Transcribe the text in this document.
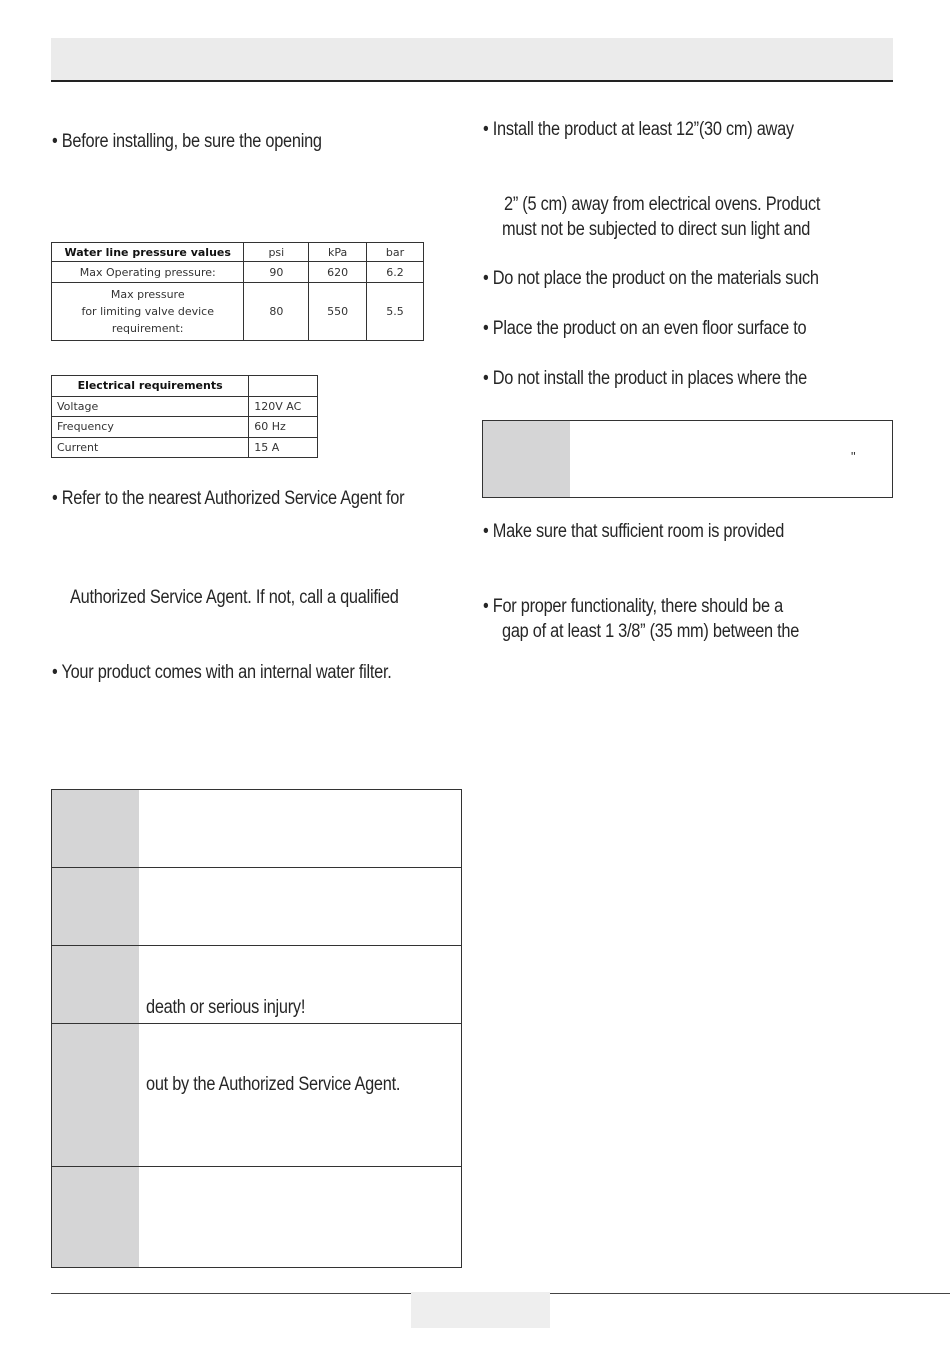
• Before installing, be sure the opening
Water line pressure values	psi	kPa	bar
Max Operating pressure:	90	620	6.2

Max pressure
for limiting valve device
requirement:	80	550	5.5
Electrical requirements	
Voltage	120V AC
Frequency	60 Hz
Current	15 A
• Refer to the nearest Authorized Service Agent for
Authorized Service Agent. If not, call a qualified
• Your product comes with an internal water filter.
death or serious injury!
out by the Authorized Service Agent.
• Install the product at least 12”(30 cm) away
2” (5 cm) away from electrical ovens. Product
must not be subjected to direct sun light and
• Do not place the product on the materials such
• Place the product on an even floor surface to
• Do not install the product in places where the
"
• Make sure that sufficient room is provided
• For proper functionality, there should be a
gap of at least 1 3/8” (35 mm) between the
